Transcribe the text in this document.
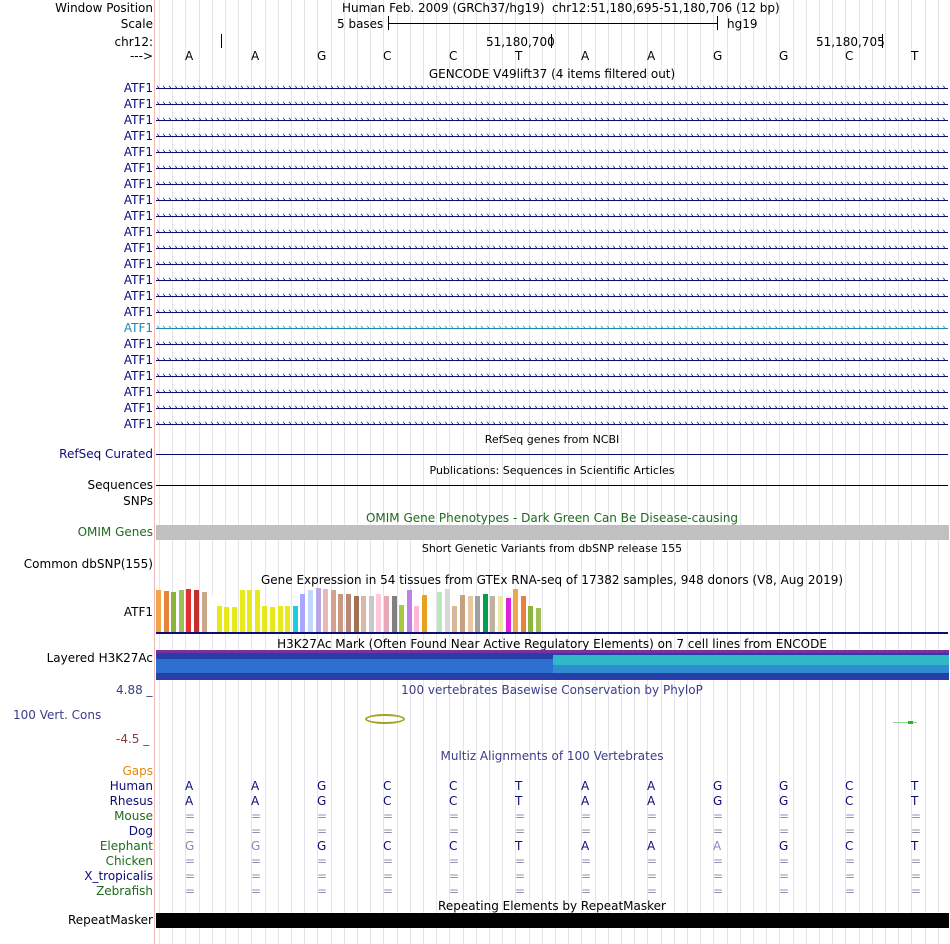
Window Position	Human Feb. 2009 (GRCh37/hg19) chr12:51,180,695-51,180,706 (12 bp)
Scale	5 bases	hg19
chr12:	51,180,700	51,180,705
--->	A	A	G	C	C	T	A	A	G	G	C	T
GENCODE V49lift37 (4 items filtered out)
ATF1 › › › › › › › › › › › › › › › › › › › › › › › › › › › › › › › › › › › › › › › › › › › › › › › › › › › › › › › › › › › › › › › › › › › › › › › › › › › › › › › › › › › › › › › › › › › › › › › › › › › › › › › › › › › › › › › › › › › › › › › › › › › › › › › › › › › ›
ATF1 › › › › › › › › › › › › › › › › › › › › › › › › › › › › › › › › › › › › › › › › › › › › › › › › › › › › › › › › › › › › › › › › › › › › › › › › › › › › › › › › › › › › › › › › › › › › › › › › › › › › › › › › › › › › › › › › › › › › › › › › › › › › › › › › › › › ›
ATF1 › › › › › › › › › › › › › › › › › › › › › › › › › › › › › › › › › › › › › › › › › › › › › › › › › › › › › › › › › › › › › › › › › › › › › › › › › › › › › › › › › › › › › › › › › › › › › › › › › › › › › › › › › › › › › › › › › › › › › › › › › › › › › › › › › › › ›
ATF1 › › › › › › › › › › › › › › › › › › › › › › › › › › › › › › › › › › › › › › › › › › › › › › › › › › › › › › › › › › › › › › › › › › › › › › › › › › › › › › › › › › › › › › › › › › › › › › › › › › › › › › › › › › › › › › › › › › › › › › › › › › › › › › › › › › › ›
ATF1 › › › › › › › › › › › › › › › › › › › › › › › › › › › › › › › › › › › › › › › › › › › › › › › › › › › › › › › › › › › › › › › › › › › › › › › › › › › › › › › › › › › › › › › › › › › › › › › › › › › › › › › › › › › › › › › › › › › › › › › › › › › › › › › › › › › ›
ATF1 › › › › › › › › › › › › › › › › › › › › › › › › › › › › › › › › › › › › › › › › › › › › › › › › › › › › › › › › › › › › › › › › › › › › › › › › › › › › › › › › › › › › › › › › › › › › › › › › › › › › › › › › › › › › › › › › › › › › › › › › › › › › › › › › › › › ›
ATF1 › › › › › › › › › › › › › › › › › › › › › › › › › › › › › › › › › › › › › › › › › › › › › › › › › › › › › › › › › › › › › › › › › › › › › › › › › › › › › › › › › › › › › › › › › › › › › › › › › › › › › › › › › › › › › › › › › › › › › › › › › › › › › › › › › › › ›
ATF1 › › › › › › › › › › › › › › › › › › › › › › › › › › › › › › › › › › › › › › › › › › › › › › › › › › › › › › › › › › › › › › › › › › › › › › › › › › › › › › › › › › › › › › › › › › › › › › › › › › › › › › › › › › › › › › › › › › › › › › › › › › › › › › › › › › › ›
ATF1 › › › › › › › › › › › › › › › › › › › › › › › › › › › › › › › › › › › › › › › › › › › › › › › › › › › › › › › › › › › › › › › › › › › › › › › › › › › › › › › › › › › › › › › › › › › › › › › › › › › › › › › › › › › › › › › › › › › › › › › › › › › › › › › › › › › ›
ATF1 › › › › › › › › › › › › › › › › › › › › › › › › › › › › › › › › › › › › › › › › › › › › › › › › › › › › › › › › › › › › › › › › › › › › › › › › › › › › › › › › › › › › › › › › › › › › › › › › › › › › › › › › › › › › › › › › › › › › › › › › › › › › › › › › › › › ›
ATF1 › › › › › › › › › › › › › › › › › › › › › › › › › › › › › › › › › › › › › › › › › › › › › › › › › › › › › › › › › › › › › › › › › › › › › › › › › › › › › › › › › › › › › › › › › › › › › › › › › › › › › › › › › › › › › › › › › › › › › › › › › › › › › › › › › › › ›
ATF1 › › › › › › › › › › › › › › › › › › › › › › › › › › › › › › › › › › › › › › › › › › › › › › › › › › › › › › › › › › › › › › › › › › › › › › › › › › › › › › › › › › › › › › › › › › › › › › › › › › › › › › › › › › › › › › › › › › › › › › › › › › › › › › › › › › › ›
ATF1 › › › › › › › › › › › › › › › › › › › › › › › › › › › › › › › › › › › › › › › › › › › › › › › › › › › › › › › › › › › › › › › › › › › › › › › › › › › › › › › › › › › › › › › › › › › › › › › › › › › › › › › › › › › › › › › › › › › › › › › › › › › › › › › › › › › ›
ATF1 › › › › › › › › › › › › › › › › › › › › › › › › › › › › › › › › › › › › › › › › › › › › › › › › › › › › › › › › › › › › › › › › › › › › › › › › › › › › › › › › › › › › › › › › › › › › › › › › › › › › › › › › › › › › › › › › › › › › › › › › › › › › › › › › › › › ›
ATF1 › › › › › › › › › › › › › › › › › › › › › › › › › › › › › › › › › › › › › › › › › › › › › › › › › › › › › › › › › › › › › › › › › › › › › › › › › › › › › › › › › › › › › › › › › › › › › › › › › › › › › › › › › › › › › › › › › › › › › › › › › › › › › › › › › › › ›
ATF1 › › › › › › › › › › › › › › › › › › › › › › › › › › › › › › › › › › › › › › › › › › › › › › › › › › › › › › › › › › › › › › › › › › › › › › › › › › › › › › › › › › › › › › › › › › › › › › › › › › › › › › › › › › › › › › › › › › › › › › › › › › › › › › › › › › › ›
ATF1 › › › › › › › › › › › › › › › › › › › › › › › › › › › › › › › › › › › › › › › › › › › › › › › › › › › › › › › › › › › › › › › › › › › › › › › › › › › › › › › › › › › › › › › › › › › › › › › › › › › › › › › › › › › › › › › › › › › › › › › › › › › › › › › › › › › ›
ATF1 › › › › › › › › › › › › › › › › › › › › › › › › › › › › › › › › › › › › › › › › › › › › › › › › › › › › › › › › › › › › › › › › › › › › › › › › › › › › › › › › › › › › › › › › › › › › › › › › › › › › › › › › › › › › › › › › › › › › › › › › › › › › › › › › › › › ›
ATF1 › › › › › › › › › › › › › › › › › › › › › › › › › › › › › › › › › › › › › › › › › › › › › › › › › › › › › › › › › › › › › › › › › › › › › › › › › › › › › › › › › › › › › › › › › › › › › › › › › › › › › › › › › › › › › › › › › › › › › › › › › › › › › › › › › › › ›
ATF1 › › › › › › › › › › › › › › › › › › › › › › › › › › › › › › › › › › › › › › › › › › › › › › › › › › › › › › › › › › › › › › › › › › › › › › › › › › › › › › › › › › › › › › › › › › › › › › › › › › › › › › › › › › › › › › › › › › › › › › › › › › › › › › › › › › › ›
ATF1 › › › › › › › › › › › › › › › › › › › › › › › › › › › › › › › › › › › › › › › › › › › › › › › › › › › › › › › › › › › › › › › › › › › › › › › › › › › › › › › › › › › › › › › › › › › › › › › › › › › › › › › › › › › › › › › › › › › › › › › › › › › › › › › › › › › ›
ATF1 › › › › › › › › › › › › › › › › › › › › › › › › › › › › › › › › › › › › › › › › › › › › › › › › › › › › › › › › › › › › › › › › › › › › › › › › › › › › › › › › › › › › › › › › › › › › › › › › › › › › › › › › › › › › › › › › › › › › › › › › › › › › › › › › › › › ›
RefSeq genes from NCBI
RefSeq Curated
Publications: Sequences in Scientific Articles
Sequences
SNPs
OMIM Gene Phenotypes - Dark Green Can Be Disease-causing
OMIM Genes
Short Genetic Variants from dbSNP release 155
Common dbSNP(155)
Gene Expression in 54 tissues from GTEx RNA-seq of 17382 samples, 948 donors (V8, Aug 2019)
ATF1
H3K27Ac Mark (Often Found Near Active Regulatory Elements) on 7 cell lines from ENCODE
Layered H3K27Ac
4.88 _	100 vertebrates Basewise Conservation by PhyloP
100 Vert. Cons
-4.5 _
Multiz Alignments of 100 Vertebrates
Gaps
Human	A	A	G	C	C	T	A	A	G	G	C	T
Rhesus	A	A	G	C	C	T	A	A	G	G	C	T
Mouse	=	=	=	=	=	=	=	=	=	=	=	=
Dog	=	=	=	=	=	=	=	=	=	=	=	=
Elephant	G	G	G	C	C	T	A	A	A	G	C	T
Chicken	=	=	=	=	=	=	=	=	=	=	=	=
X_tropicalis	=	=	=	=	=	=	=	=	=	=	=	=
Zebrafish	=	=	=	=	=	=	=	=	=	=	=	=
Repeating Elements by RepeatMasker
RepeatMasker
